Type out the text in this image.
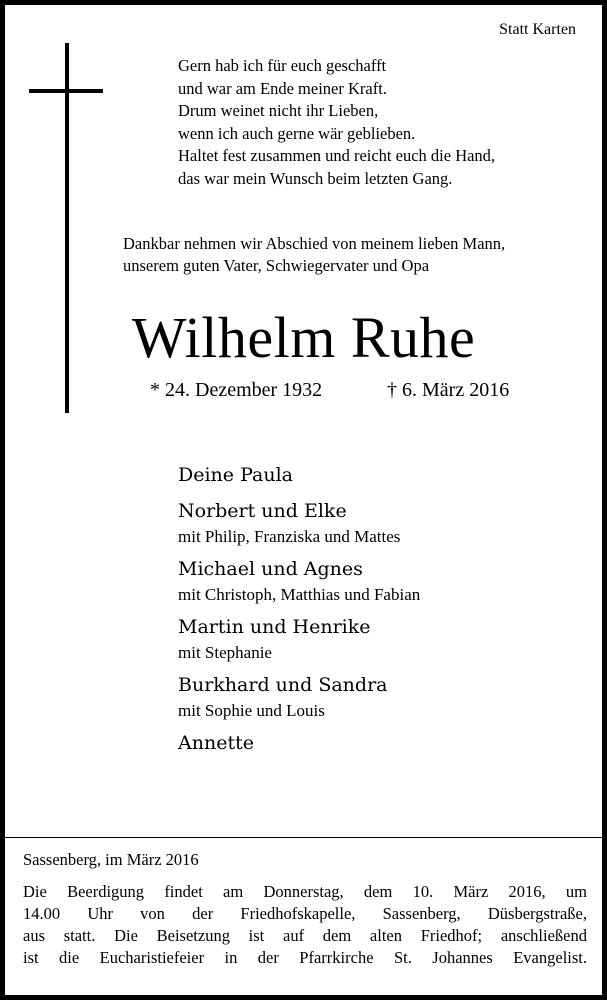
Statt Karten
Gern hab ich für euch geschafft
und war am Ende meiner Kraft.
Drum weinet nicht ihr Lieben,
wenn ich auch gerne wär geblieben.
Haltet fest zusammen und reicht euch die Hand,
das war mein Wunsch beim letzten Gang.
Dankbar nehmen wir Abschied von meinem lieben Mann,
unserem guten Vater, Schwiegervater und Opa
Wilhelm Ruhe
* 24. Dezember 1932	† 6. März 2016
Deine Paula
Norbert und Elke
mit Philip, Franziska und Mattes
Michael und Agnes
mit Christoph, Matthias und Fabian
Martin und Henrike
mit Stephanie
Burkhard und Sandra
mit Sophie und Louis
Annette
Sassenberg, im März 2016
Die Beerdigung findet am Donnerstag, dem 10. März 2016, um
14.00 Uhr von der Friedhofskapelle, Sassenberg, Düsbergstraße,
aus statt. Die Beisetzung ist auf dem alten Friedhof; anschließend
ist die Eucharistiefeier in der Pfarrkirche St. Johannes Evangelist.
